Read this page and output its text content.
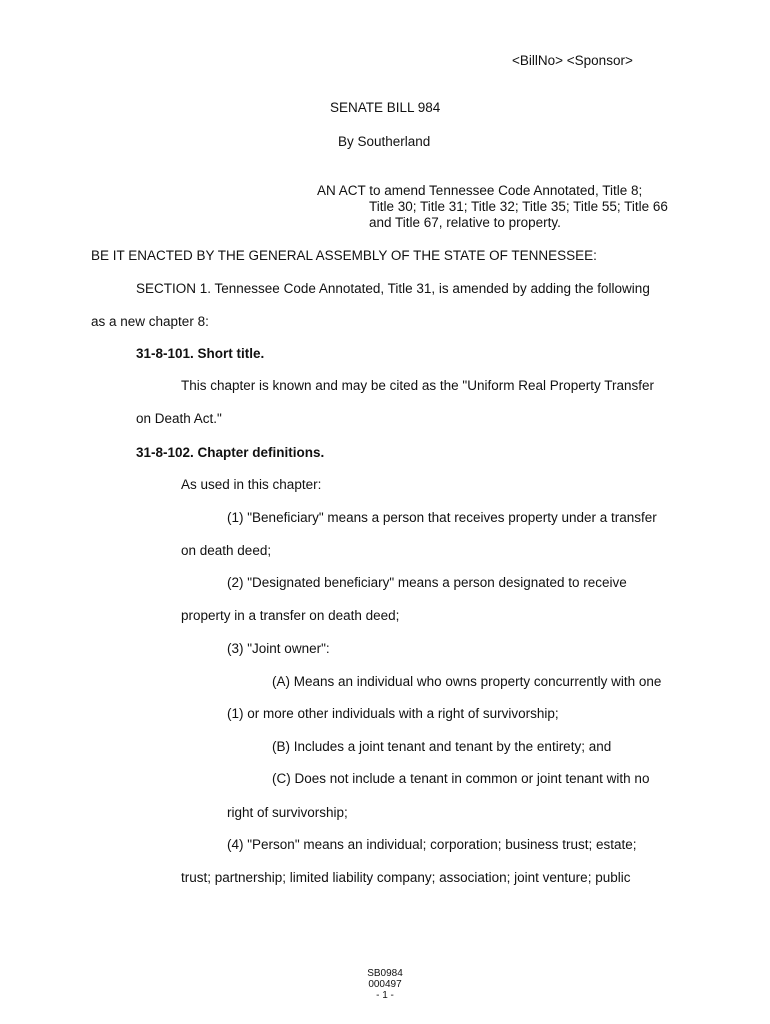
<BillNo> <Sponsor>
SENATE BILL 984
By Southerland
AN ACT to amend Tennessee Code Annotated, Title 8;
Title 30; Title 31; Title 32; Title 35; Title 55; Title 66
and Title 67, relative to property.
BE IT ENACTED BY THE GENERAL ASSEMBLY OF THE STATE OF TENNESSEE:
SECTION 1. Tennessee Code Annotated, Title 31, is amended by adding the following
as a new chapter 8:
31-8-101. Short title.
This chapter is known and may be cited as the "Uniform Real Property Transfer
on Death Act."
31-8-102. Chapter definitions.
As used in this chapter:
(1) "Beneficiary" means a person that receives property under a transfer
on death deed;
(2) "Designated beneficiary" means a person designated to receive
property in a transfer on death deed;
(3) "Joint owner":
(A) Means an individual who owns property concurrently with one
(1) or more other individuals with a right of survivorship;
(B) Includes a joint tenant and tenant by the entirety; and
(C) Does not include a tenant in common or joint tenant with no
right of survivorship;
(4) "Person" means an individual; corporation; business trust; estate;
trust; partnership; limited liability company; association; joint venture; public
SB0984
000497
- 1 -
